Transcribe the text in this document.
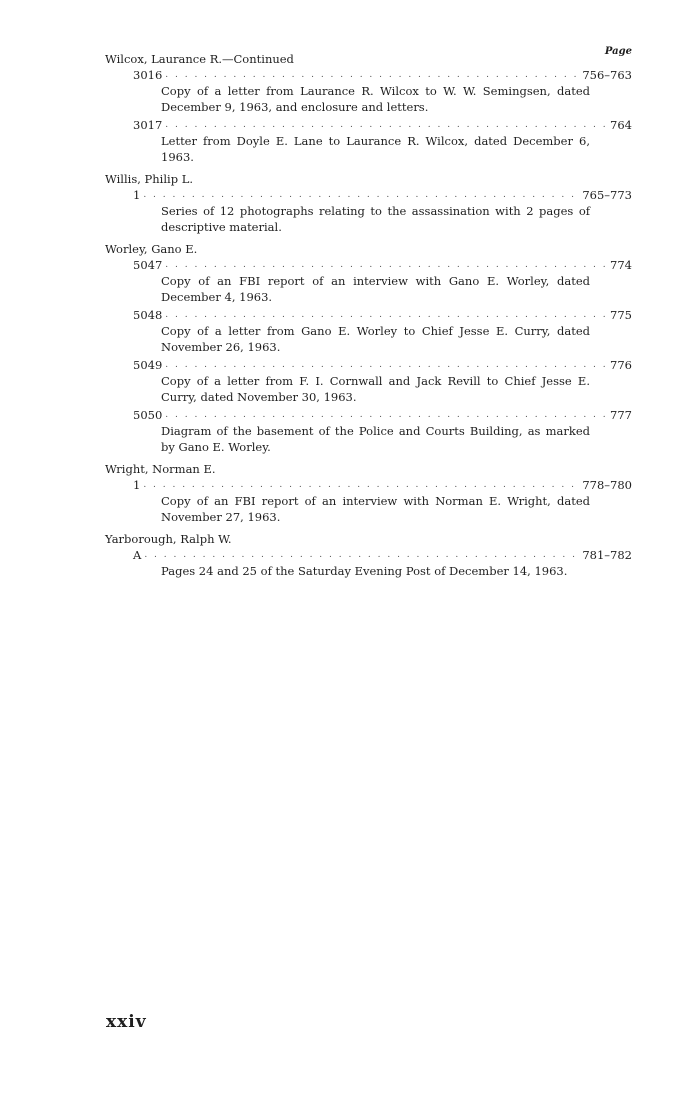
Page
Wilcox, Laurance R.—Continued
3016 . . .	756–763
Copy of a letter from Laurance R. Wilcox to W. W. Semingsen, dated December 9, 1963, and enclosure and letters.
3017 . . .	764
Letter from Doyle E. Lane to Laurance R. Wilcox, dated December 6, 1963.
Willis, Philip L.
1 . . .	765–773
Series of 12 photographs relating to the assassination with 2 pages of descriptive material.
Worley, Gano E.
5047 . . .	774
Copy of an FBI report of an interview with Gano E. Worley, dated December 4, 1963.
5048 . . .	775
Copy of a letter from Gano E. Worley to Chief Jesse E. Curry, dated November 26, 1963.
5049 . . .	776
Copy of a letter from F. I. Cornwall and Jack Revill to Chief Jesse E. Curry, dated November 30, 1963.
5050 . . .	777
Diagram of the basement of the Police and Courts Building, as marked by Gano E. Worley.
Wright, Norman E.
1 . . .	778–780
Copy of an FBI report of an interview with Norman E. Wright, dated November 27, 1963.
Yarborough, Ralph W.
A . . .	781–782
Pages 24 and 25 of the Saturday Evening Post of December 14, 1963.
xxiv
